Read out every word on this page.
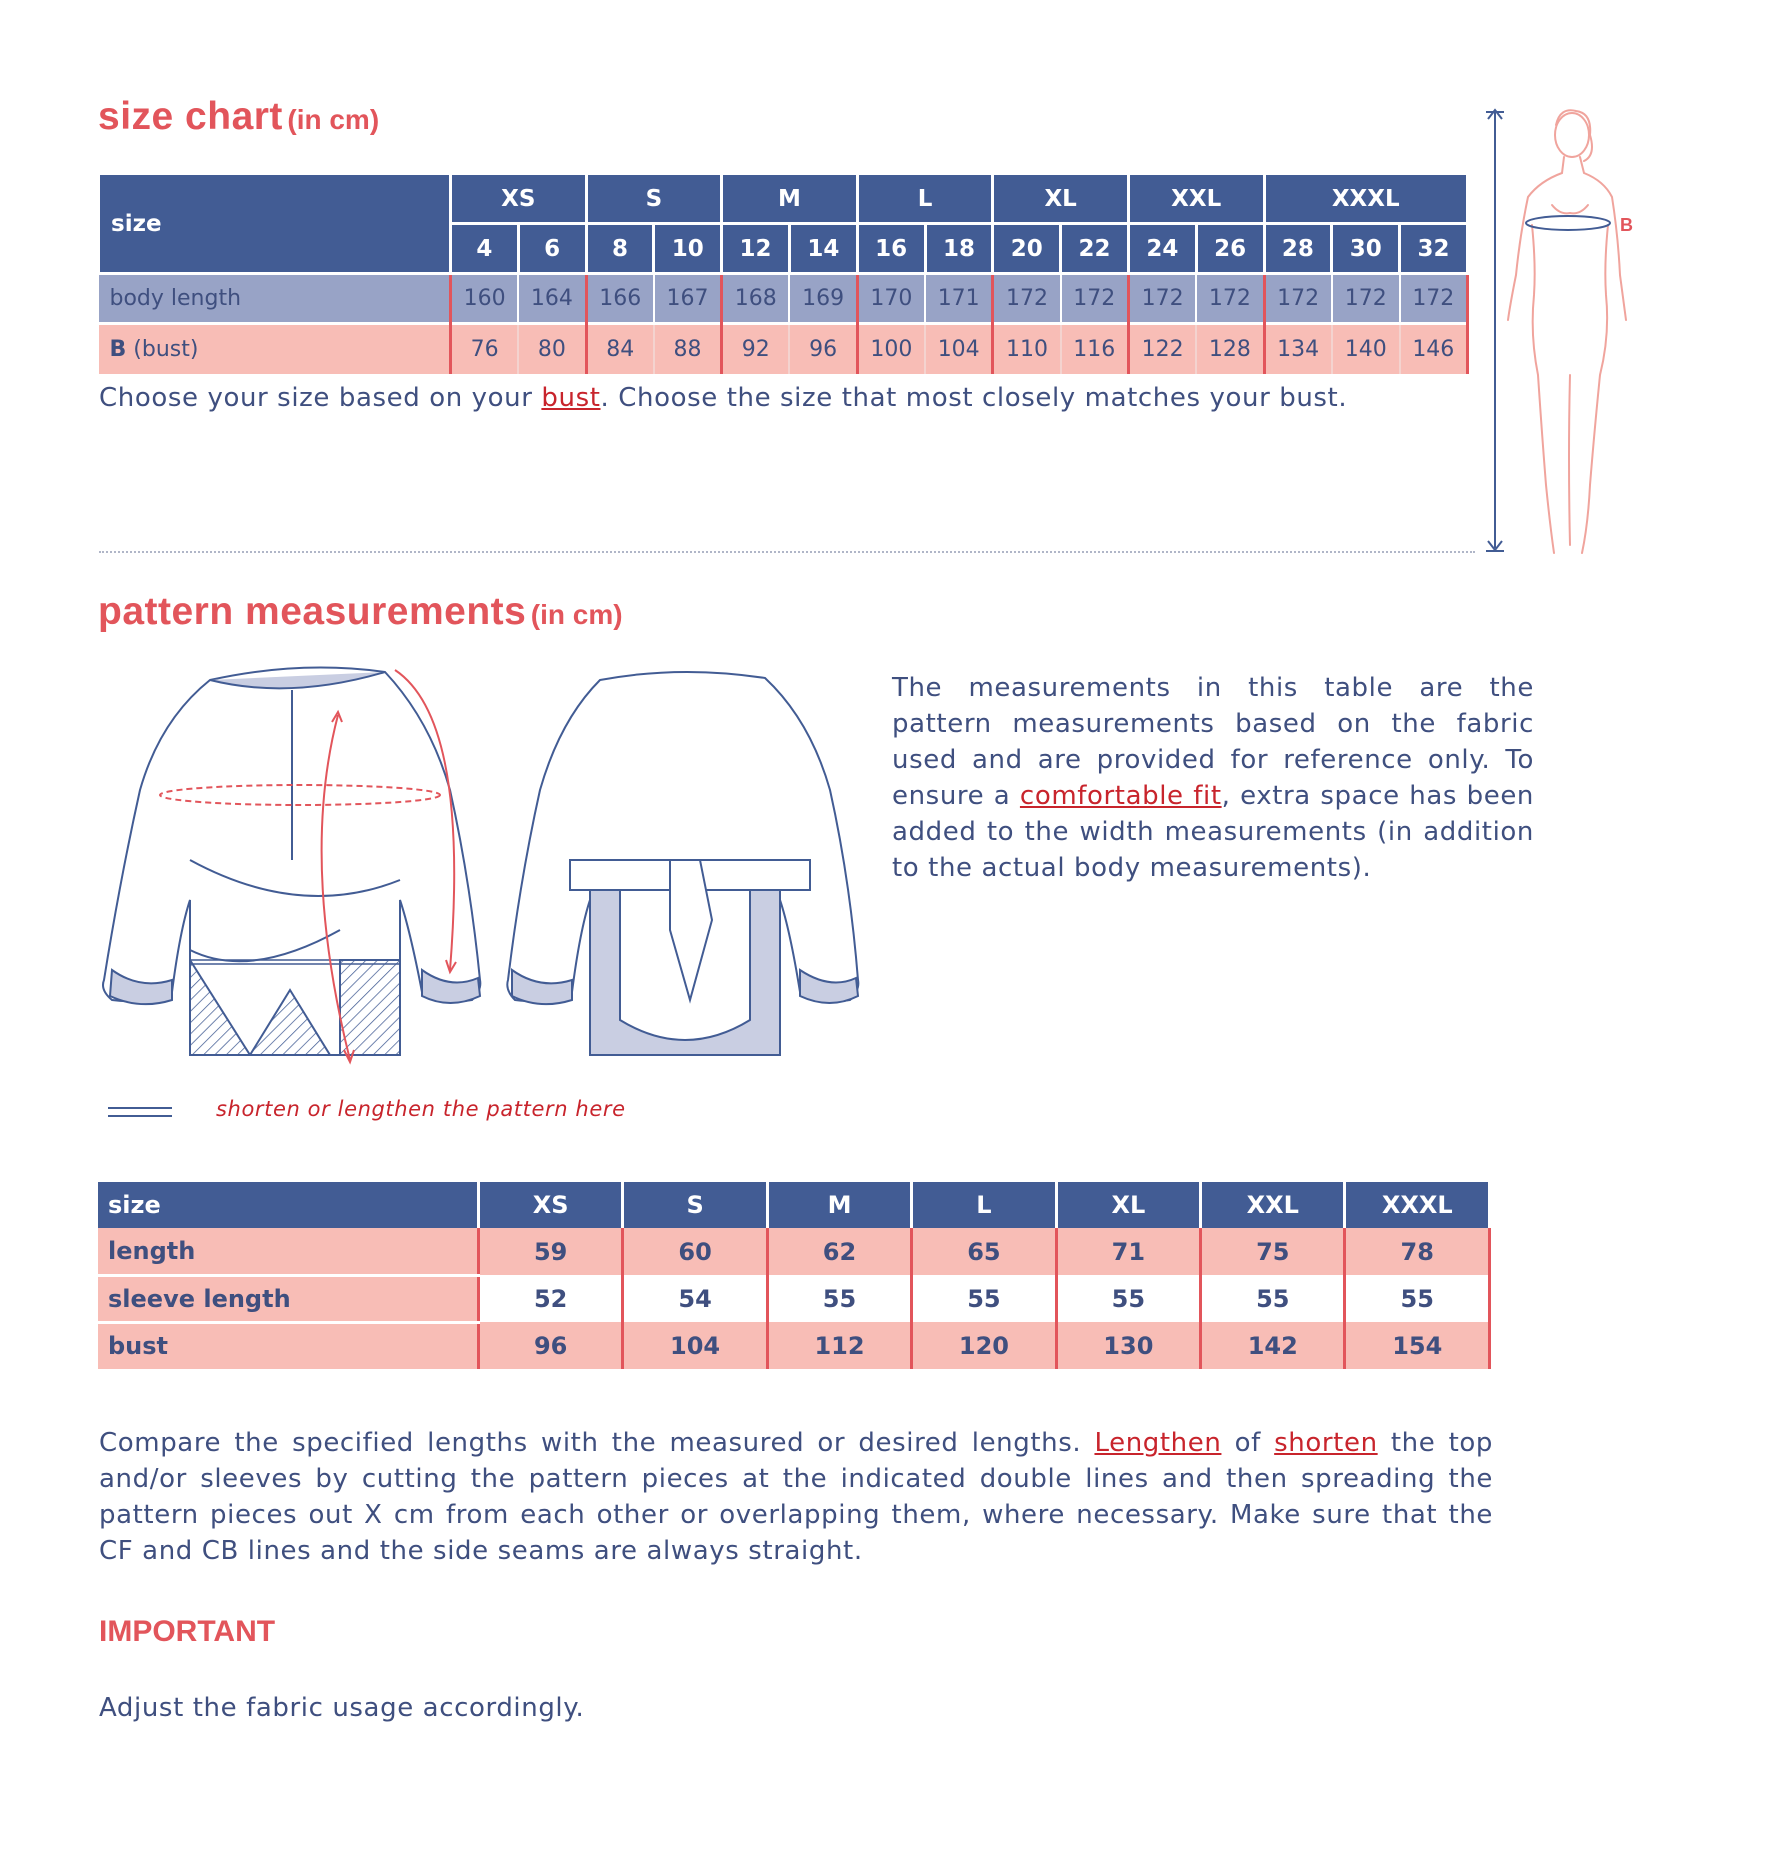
size chart (in cm)
size	XS		S		M		L		XL		XXL		XXXL		
	4	6	8	10	12	14	16	18	20	22	24	26	28	30	32
body length	160	164	166	167	168	169	170	171	172	172	172	172	172	172	172
B (bust)	76	80	84	88	92	96	100	104	110	116	122	128	134	140	146
Choose your size based on your bust. Choose the size that most closely matches your bust.
B
pattern measurements (in cm)
shorten or lengthen the pattern here
The measurements in this table are the pattern measurements based on the fabric used and are provided for reference only. To ensure a comfortable fit, extra space has been added to the width measurements (in addition to the actual body measurements).
size	XS	S	M	L	XL	XXL	XXXL
length	59	60	62	65	71	75	78
sleeve length	52	54	55	55	55	55	55
bust	96	104	112	120	130	142	154
Compare the specified lengths with the measured or desired lengths. Lengthen of shorten the top and/or sleeves by cutting the pattern pieces at the indicated double lines and then spreading the pattern pieces out X cm from each other or overlapping them, where necessary. Make sure that the CF and CB lines and the side seams are always straight.
IMPORTANT
Adjust the fabric usage accordingly.
